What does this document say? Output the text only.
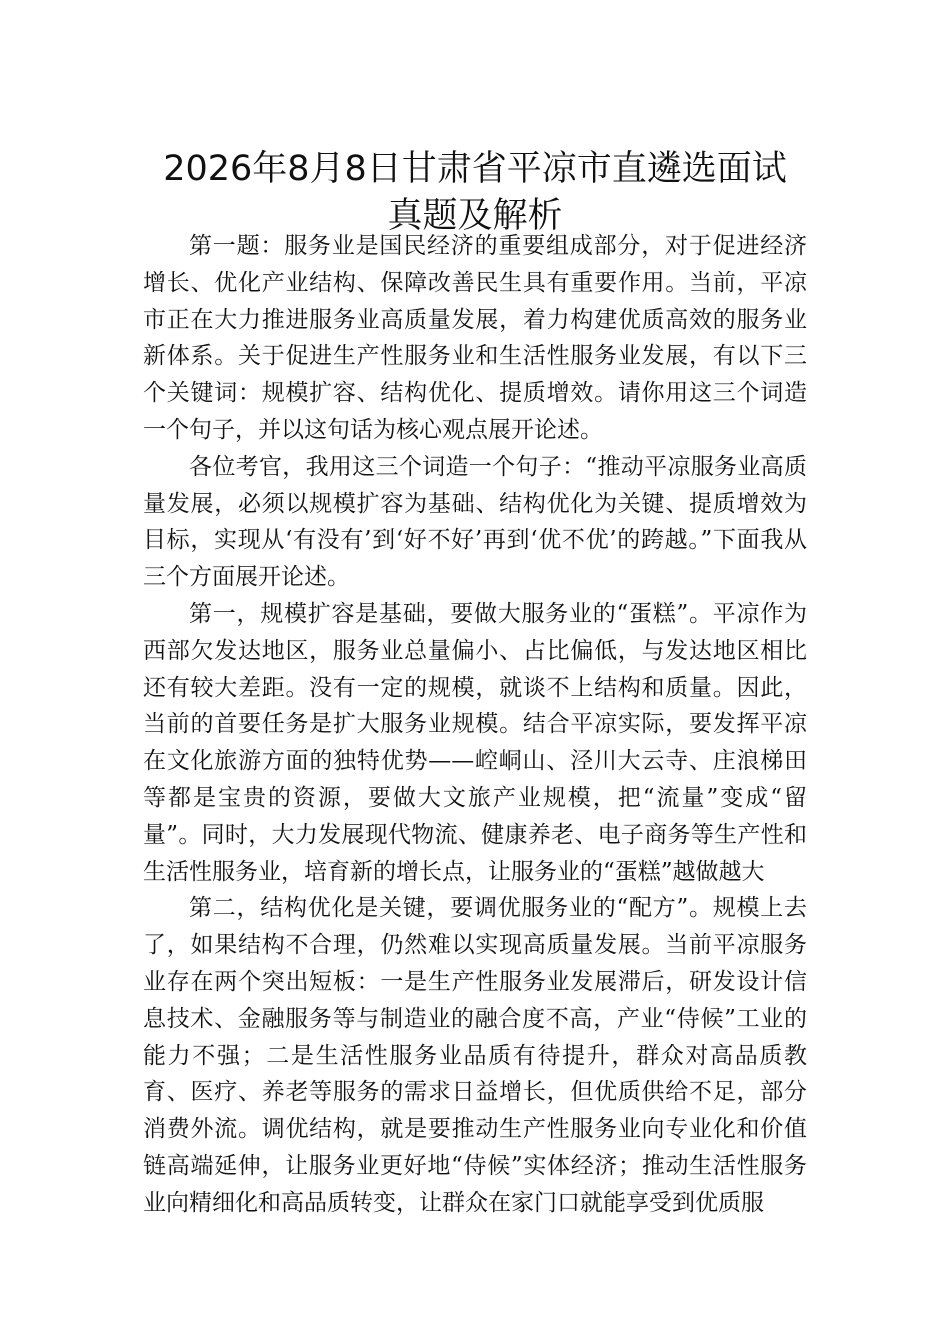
2026年8月8日甘肃省平凉市直遴选面试
真题及解析

第一题：服务业是国民经济的重要组成部分，对于促进经济增长、优化产业结构、保障改善民生具有重要作用。当前，平凉市正在大力推进服务业高质量发展，着力构建优质高效的服务业新体系。关于促进生产性服务业和生活性服务业发展，有以下三个关键词：规模扩容、结构优化、提质增效。请你用这三个词造一个句子，并以这句话为核心观点展开论述。

各位考官，我用这三个词造一个句子：“推动平凉服务业高质量发展，必须以规模扩容为基础、结构优化为关键、提质增效为目标，实现从‘有没有’到‘好不好’再到‘优不优’的跨越。”下面我从三个方面展开论述。

第一，规模扩容是基础，要做大服务业的“蛋糕”。平凉作为西部欠发达地区，服务业总量偏小、占比偏低，与发达地区相比还有较大差距。没有一定的规模，就谈不上结构和质量。因此，当前的首要任务是扩大服务业规模。结合平凉实际，要发挥平凉在文化旅游方面的独特优势——崆峒山、泾川大云寺、庄浪梯田等都是宝贵的资源，要做大文旅产业规模，把“流量”变成“留量”。同时，大力发展现代物流、健康养老、电子商务等生产性和生活性服务业，培育新的增长点，让服务业的“蛋糕”越做越大

第二，结构优化是关键，要调优服务业的“配方”。规模上去了，如果结构不合理，仍然难以实现高质量发展。当前平凉服务业存在两个突出短板：一是生产性服务业发展滞后，研发设计信息技术、金融服务等与制造业的融合度不高，产业“侍候”工业的能力不强；二是生活性服务业品质有待提升，群众对高品质教育、医疗、养老等服务的需求日益增长，但优质供给不足，部分消费外流。调优结构，就是要推动生产性服务业向专业化和价值链高端延伸，让服务业更好地“侍候”实体经济；推动生活性服务业向精细化和高品质转变，让群众在家门口就能享受到优质服
